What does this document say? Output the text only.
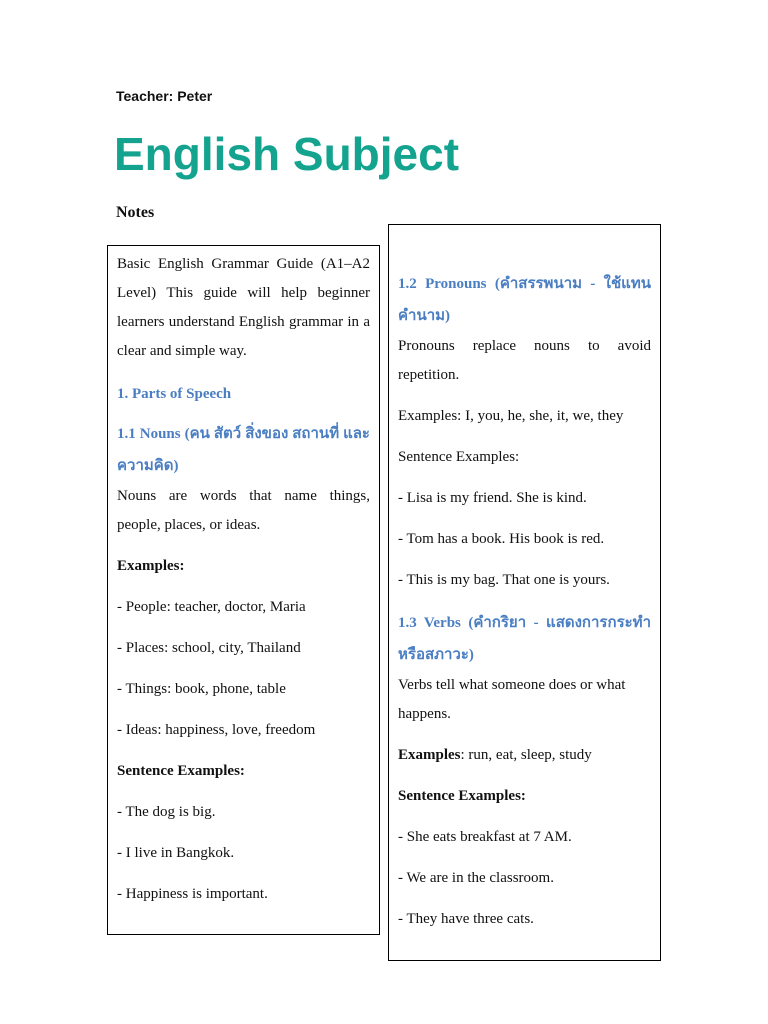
Teacher: Peter
English Subject
Notes

Basic English Grammar Guide (A1–A2 Level) This guide will help beginner learners understand English grammar in a clear and simple way.

1. Parts of Speech
1.1 Nouns (คน สัตว์ สิ่งของ สถานที่ และความคิด)

Nouns are words that name things, people, places, or ideas.

Examples:

- People: teacher, doctor, Maria

- Places: school, city, Thailand

- Things: book, phone, table

- Ideas: happiness, love, freedom

Sentence Examples:

- The dog is big.

- I live in Bangkok.

- Happiness is important.

1.2 Pronouns (คำสรรพนาม - ใช้แทนคำนาม)

Pronouns replace nouns to avoid repetition.

Examples: I, you, he, she, it, we, they

Sentence Examples:

- Lisa is my friend. She is kind.

- Tom has a book. His book is red.

- This is my bag. That one is yours.

1.3 Verbs (คำกริยา - แสดงการกระทำหรือสภาวะ)

Verbs tell what someone does or what happens.

Examples: run, eat, sleep, study

Sentence Examples:

- She eats breakfast at 7 AM.

- We are in the classroom.

- They have three cats.
